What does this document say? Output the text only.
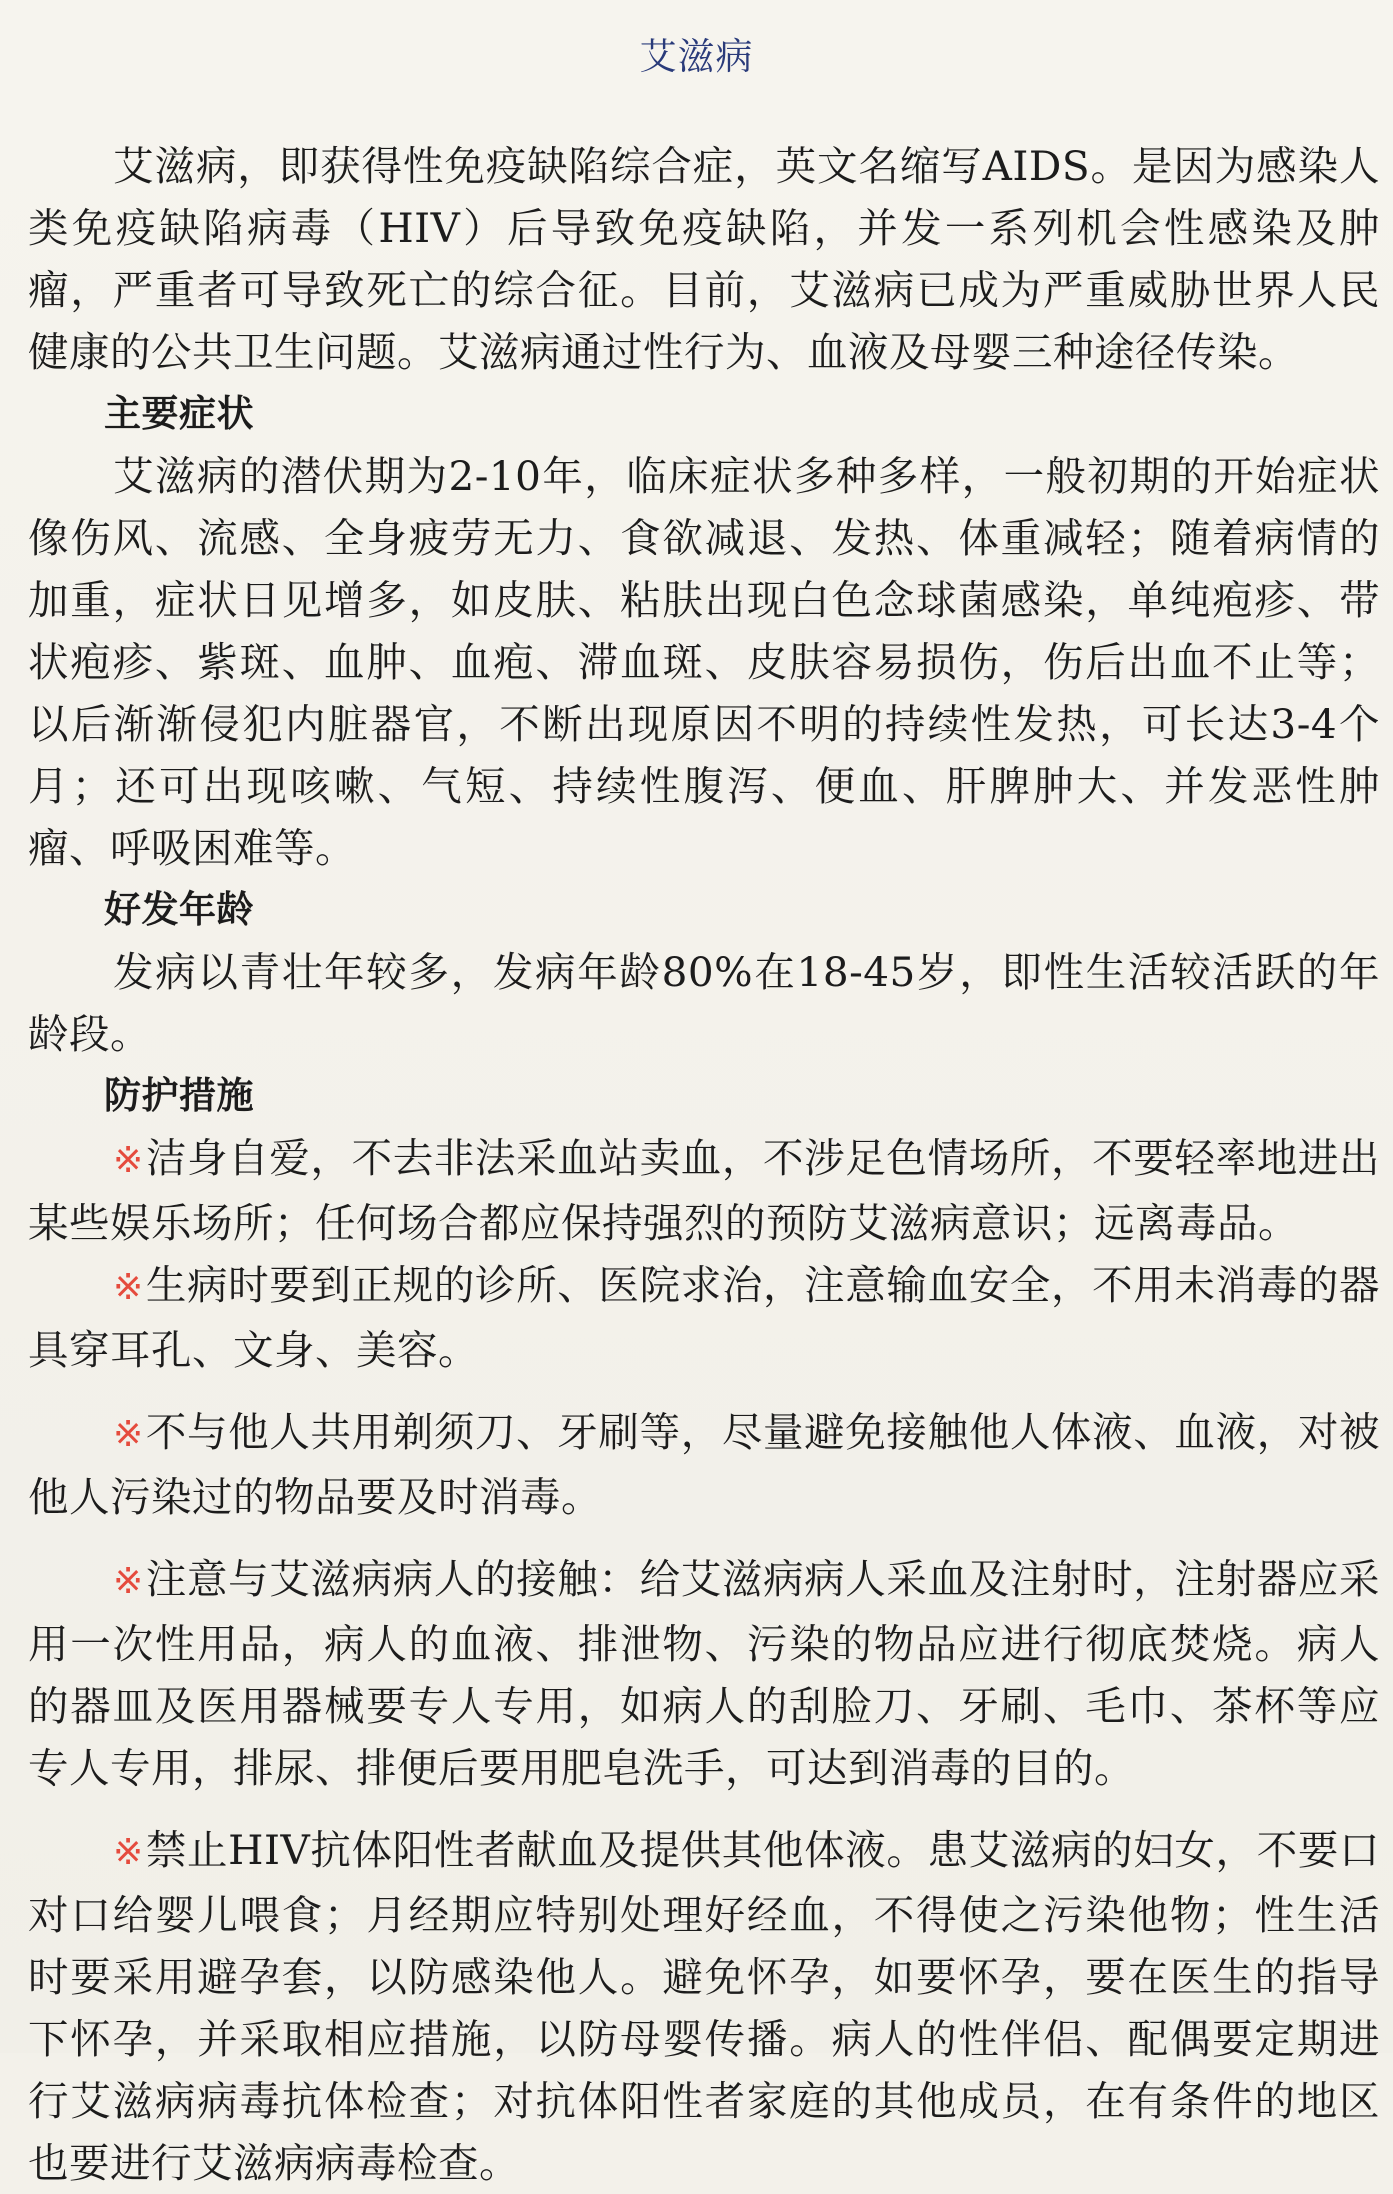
艾滋病

艾滋病，即获得性免疫缺陷综合症，英文名缩写AIDS。是因为感染人类免疫缺陷病毒（HIV）后导致免疫缺陷，并发一系列机会性感染及肿瘤，严重者可导致死亡的综合征。目前，艾滋病已成为严重威胁世界人民健康的公共卫生问题。艾滋病通过性行为、血液及母婴三种途径传染。

主要症状

艾滋病的潜伏期为2-10年，临床症状多种多样，一般初期的开始症状像伤风、流感、全身疲劳无力、食欲减退、发热、体重减轻；随着病情的加重，症状日见增多，如皮肤、粘肤出现白色念球菌感染，单纯疱疹、带状疱疹、紫斑、血肿、血疱、滞血斑、皮肤容易损伤，伤后出血不止等；以后渐渐侵犯内脏器官，不断出现原因不明的持续性发热，可长达3-4个月；还可出现咳嗽、气短、持续性腹泻、便血、肝脾肿大、并发恶性肿瘤、呼吸困难等。

好发年龄

发病以青壮年较多，发病年龄80%在18-45岁，即性生活较活跃的年龄段。

防护措施

※洁身自爱，不去非法采血站卖血，不涉足色情场所，不要轻率地进出某些娱乐场所；任何场合都应保持强烈的预防艾滋病意识；远离毒品。

※生病时要到正规的诊所、医院求治，注意输血安全，不用未消毒的器具穿耳孔、文身、美容。

※不与他人共用剃须刀、牙刷等，尽量避免接触他人体液、血液，对被他人污染过的物品要及时消毒。

※注意与艾滋病病人的接触：给艾滋病病人采血及注射时，注射器应采用一次性用品，病人的血液、排泄物、污染的物品应进行彻底焚烧。病人的器皿及医用器械要专人专用，如病人的刮脸刀、牙刷、毛巾、茶杯等应专人专用，排尿、排便后要用肥皂洗手，可达到消毒的目的。

※禁止HIV抗体阳性者献血及提供其他体液。患艾滋病的妇女，不要口对口给婴儿喂食；月经期应特别处理好经血，不得使之污染他物；性生活时要采用避孕套，以防感染他人。避免怀孕，如要怀孕，要在医生的指导下怀孕，并采取相应措施，以防母婴传播。病人的性伴侣、配偶要定期进行艾滋病病毒抗体检查；对抗体阳性者家庭的其他成员，在有条件的地区也要进行艾滋病病毒检查。
